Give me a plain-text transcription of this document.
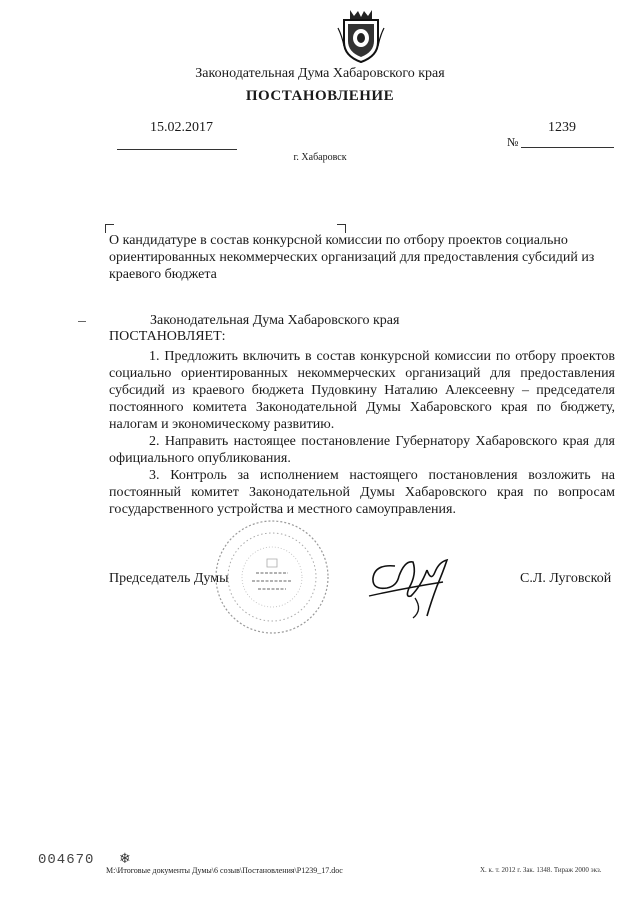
Законодательная Дума Хабаровского края
ПОСТАНОВЛЕНИЕ
15.02.2017
№
1239
г. Хабаровск
О кандидатуре в состав конкурсной комиссии по отбору проектов социально
ориентированных некоммерческих организаций для предоставления субсидий из
краевого бюджета
Законодательная Дума Хабаровского края
ПОСТАНОВЛЯЕТ:

1. Предложить включить в состав конкурсной комиссии по отбору проектов социально ориентированных некоммерческих организаций для предоставления субсидий из краевого бюджета Пудовкину Наталию Алексеевну – председателя постоянного комитета Законодательной Думы Хабаровского края по бюджету, налогам и экономическому развитию.

2. Направить настоящее постановление Губернатору Хабаровского края для официального опубликования.

3. Контроль за исполнением настоящего постановления возложить на постоянный комитет Законодательной Думы Хабаровского края по вопросам государственного устройства и местного самоуправления.

Председатель Думы	С.Л. Луговской
004670 ❄
М:\Итоговые документы Думы\6 созыв\Постановления\Р1239_17.doc	Х. к. т. 2012 г. Зак. 1348. Тираж 2000 экз.
